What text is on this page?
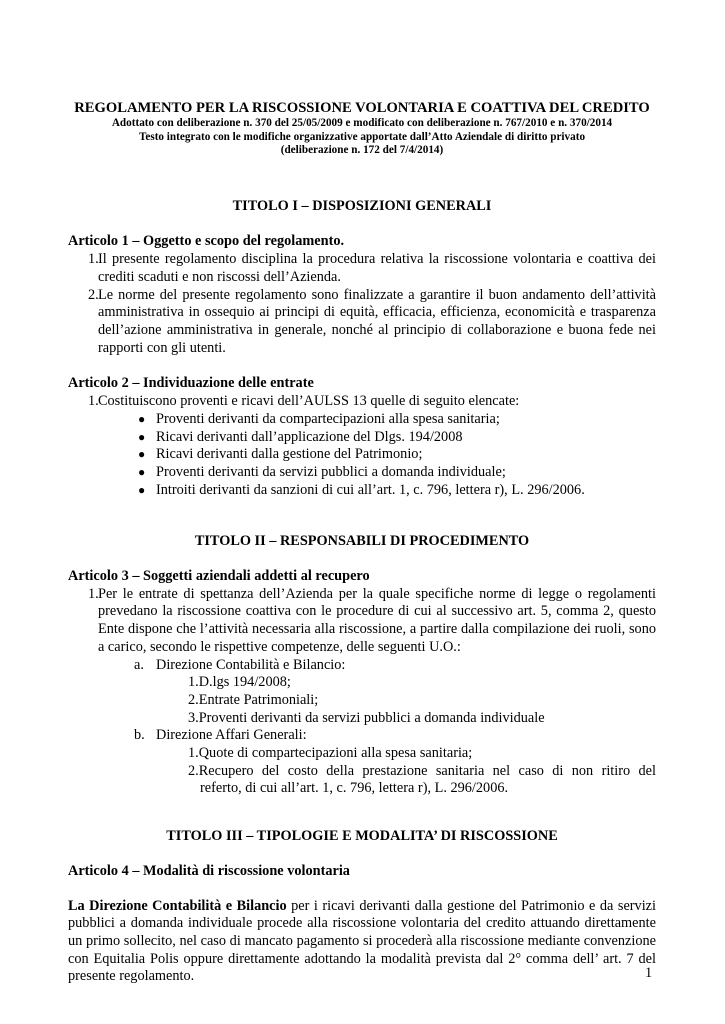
REGOLAMENTO PER LA RISCOSSIONE VOLONTARIA E COATTIVA DEL CREDITO
Adottato con deliberazione n. 370 del 25/05/2009 e modificato con deliberazione n. 767/2010 e n. 370/2014
Testo integrato con le modifiche organizzative apportate dall’Atto Aziendale di diritto privato
(deliberazione n. 172 del 7/4/2014)
TITOLO I – DISPOSIZIONI GENERALI
Articolo 1 – Oggetto e scopo del regolamento.
1. Il presente regolamento disciplina la procedura relativa la riscossione volontaria e coattiva dei crediti scaduti e non riscossi dell’Azienda.
2. Le norme del presente regolamento sono finalizzate a garantire il buon andamento dell’attività amministrativa in ossequio ai principi di equità, efficacia, efficienza, economicità e trasparenza dell’azione amministrativa in generale, nonché al principio di collaborazione e buona fede nei rapporti con gli utenti.
Articolo 2 – Individuazione delle entrate
1. Costituiscono proventi e ricavi dell’AULSS 13 quelle di seguito elencate:
● Proventi derivanti da compartecipazioni alla spesa sanitaria;
● Ricavi derivanti dall’applicazione del Dlgs. 194/2008
● Ricavi derivanti dalla gestione del Patrimonio;
● Proventi derivanti da servizi pubblici a domanda individuale;
● Introiti derivanti da sanzioni di cui all’art. 1, c. 796, lettera r), L. 296/2006.
TITOLO II – RESPONSABILI DI PROCEDIMENTO
Articolo 3 – Soggetti aziendali addetti al recupero
1. Per le entrate di spettanza dell’Azienda per la quale specifiche norme di legge o regolamenti prevedano la riscossione coattiva con le procedure di cui al successivo art. 5, comma 2, questo Ente dispone che l’attività necessaria alla riscossione, a partire dalla compilazione dei ruoli, sono a carico, secondo le rispettive competenze, delle seguenti U.O.:
a. Direzione Contabilità e Bilancio:
1.D.lgs 194/2008;
2.Entrate Patrimoniali;
3.Proventi derivanti da servizi pubblici a domanda individuale
b. Direzione Affari Generali:
1.Quote di compartecipazioni alla spesa sanitaria;
2.Recupero del costo della prestazione sanitaria nel caso di non ritiro del
referto, di cui all’art. 1, c. 796, lettera r), L. 296/2006.
TITOLO III – TIPOLOGIE E MODALITA’ DI RISCOSSIONE
Articolo 4 – Modalità di riscossione volontaria
La Direzione Contabilità e Bilancio per i ricavi derivanti dalla gestione del Patrimonio e da servizi pubblici a domanda individuale procede alla riscossione volontaria del credito attuando direttamente un primo sollecito, nel caso di mancato pagamento si procederà alla riscossione mediante convenzione con Equitalia Polis oppure direttamente adottando la modalità prevista dal 2° comma dell’ art. 7 del presente regolamento.	1
